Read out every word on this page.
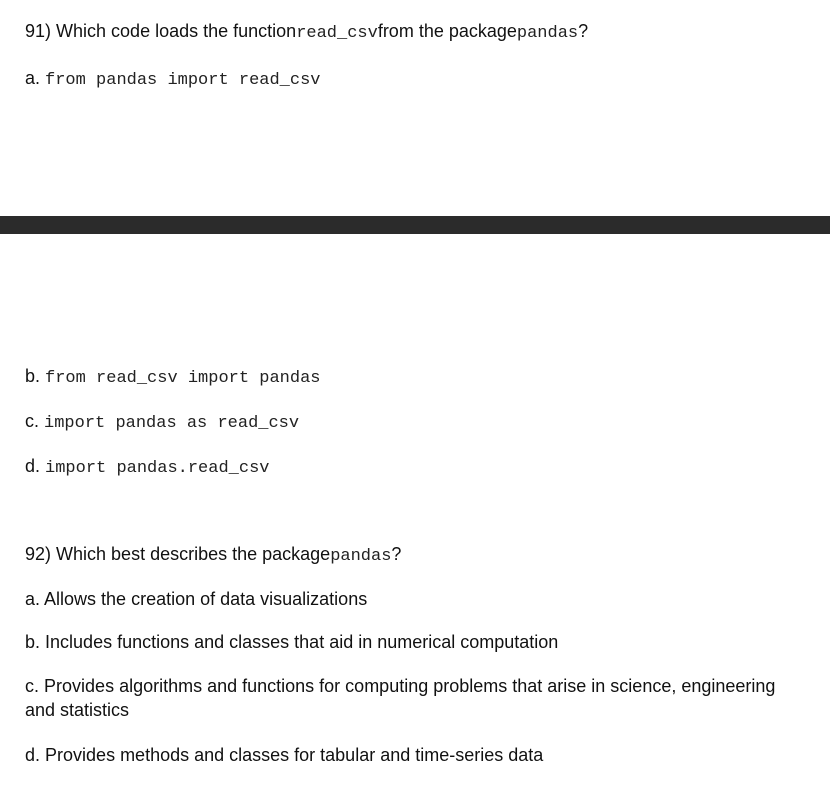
91) Which code loads the functionread_csvfrom the packagepandas?
a. from pandas import read_csv
b. from read_csv import pandas
c. import pandas as read_csv
d. import pandas.read_csv
92) Which best describes the packagepandas?
a. Allows the creation of data visualizations
b. Includes functions and classes that aid in numerical computation
c. Provides algorithms and functions for computing problems that arise in science, engineering and statistics
d. Provides methods and classes for tabular and time-series data
